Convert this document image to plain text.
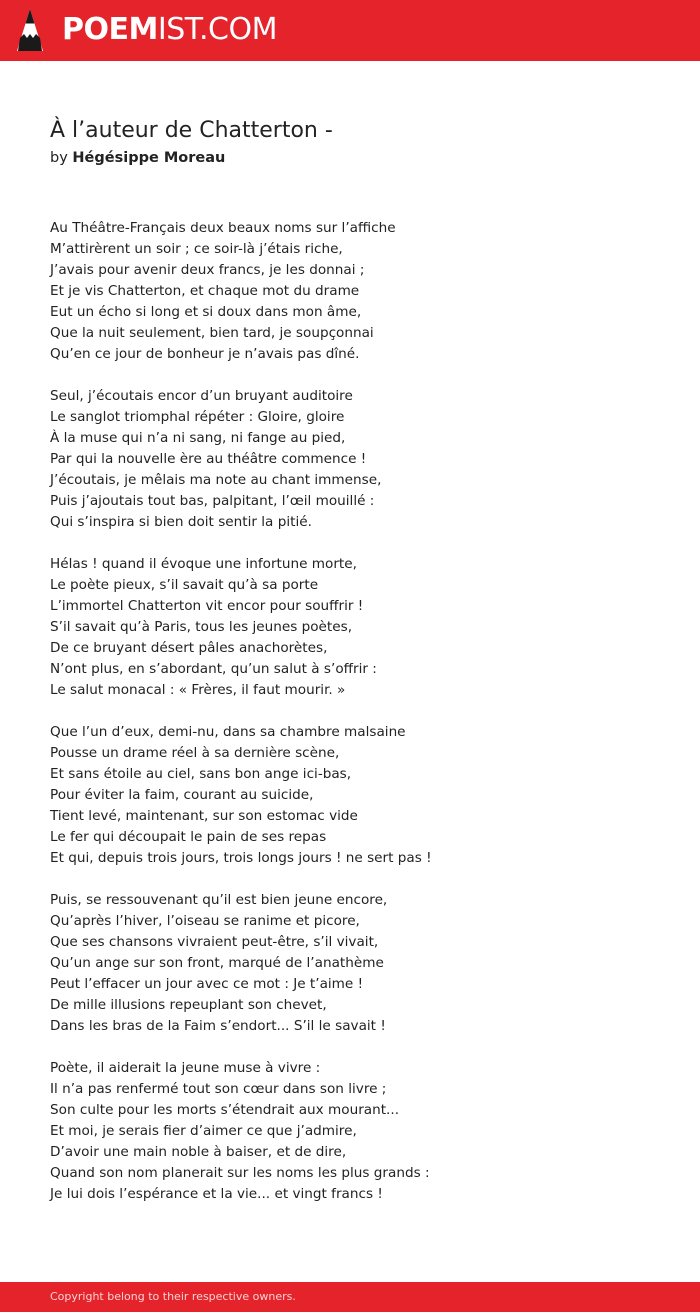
POEMIST.COM
À l’auteur de Chatterton -
by Hégésippe Moreau
Au Théâtre-Français deux beaux noms sur l’affiche
M’attirèrent un soir ; ce soir-là j’étais riche,
J’avais pour avenir deux francs, je les donnai ;
Et je vis Chatterton, et chaque mot du drame
Eut un écho si long et si doux dans mon âme,
Que la nuit seulement, bien tard, je soupçonnai
Qu’en ce jour de bonheur je n’avais pas dîné.
Seul, j’écoutais encor d’un bruyant auditoire
Le sanglot triomphal répéter : Gloire, gloire
À la muse qui n’a ni sang, ni fange au pied,
Par qui la nouvelle ère au théâtre commence !
J’écoutais, je mêlais ma note au chant immense,
Puis j’ajoutais tout bas, palpitant, l’œil mouillé :
Qui s’inspira si bien doit sentir la pitié.
Hélas ! quand il évoque une infortune morte,
Le poète pieux, s’il savait qu’à sa porte
L’immortel Chatterton vit encor pour souffrir !
S’il savait qu’à Paris, tous les jeunes poètes,
De ce bruyant désert pâles anachorètes,
N’ont plus, en s’abordant, qu’un salut à s’offrir :
Le salut monacal : « Frères, il faut mourir. »
Que l’un d’eux, demi-nu, dans sa chambre malsaine
Pousse un drame réel à sa dernière scène,
Et sans étoile au ciel, sans bon ange ici-bas,
Pour éviter la faim, courant au suicide,
Tient levé, maintenant, sur son estomac vide
Le fer qui découpait le pain de ses repas
Et qui, depuis trois jours, trois longs jours ! ne sert pas !
Puis, se ressouvenant qu’il est bien jeune encore,
Qu’après l’hiver, l’oiseau se ranime et picore,
Que ses chansons vivraient peut-être, s’il vivait,
Qu’un ange sur son front, marqué de l’anathème
Peut l’effacer un jour avec ce mot : Je t’aime !
De mille illusions repeuplant son chevet,
Dans les bras de la Faim s’endort... S’il le savait !
Poète, il aiderait la jeune muse à vivre :
Il n’a pas renfermé tout son cœur dans son livre ;
Son culte pour les morts s’étendrait aux mourant...
Et moi, je serais fier d’aimer ce que j’admire,
D’avoir une main noble à baiser, et de dire,
Quand son nom planerait sur les noms les plus grands :
Je lui dois l’espérance et la vie... et vingt francs !
Copyright belong to their respective owners.
